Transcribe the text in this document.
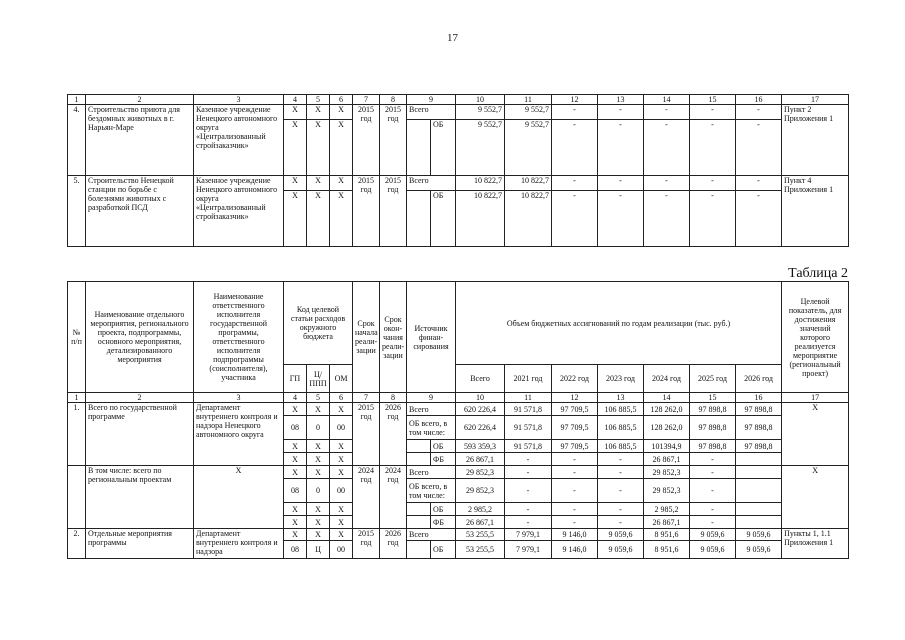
17
1	2	3	4	5	6	7	8	9		10	11	12	13	14	15	16	17
4.	Строительство приюта для бездомных животных в г. Нарьян-Маре	Казенное учреждение Ненецкого автономного округа «Централизованный стройзаказчик»	Х	Х	Х	2015 год	2015 год	Всего		9 552,7	9 552,7	-	-	-	-	-	Пункт 2 Приложения 1
			Х	Х	Х				ОБ	9 552,7	9 552,7	-	-	-	-	-	
5.	Строительство Ненецкой станции по борьбе с болезнями животных с разработкой ПСД	Казенное учреждение Ненецкого автономного округа «Централизованный стройзаказчик»	Х	Х	Х	2015 год	2015 год	Всего		10 822,7	10 822,7	-	-	-	-	-	Пункт 4 Приложения 1
			Х	Х	Х				ОБ	10 822,7	10 822,7	-	-	-	-	-	
Таблица 2
№ п/п	Наименование отдельного мероприятия, регионального проекта, подпрограммы, основного мероприятия, детализированного мероприятия	Наименование ответственного исполнителя государственной программы, ответственного исполнителя подпрограммы (соисполнителя), участника	Код целевой статьи расходов окружного бюджета			Срок начала реали-зации	Срок окон-чания реали-зации	Источник финан-сирования		Объем бюджетных ассигнований по годам реализации (тыс. руб.)							Целевой показатель, для достижения значений которого реализуется мероприятие (региональный проект)
			ГП	Ц/ППП	ОМ					Всего	2021 год	2022 год	2023 год	2024 год	2025 год	2026 год	
1	2	3	4	5	6	7	8	9		10	11	12	13	14	15	16	17
1.	Всего по государственной программе	Департамент внутреннего контроля и надзора Ненецкого автономного округа	Х	Х	Х	2015 год	2026 год	Всего		620 226,4	91 571,8	97 709,5	106 885,5	128 262,0	97 898,8	97 898,8	Х
			08	0	00			ОБ всего, в том числе:		620 226,4	91 571,8	97 709,5	106 885,5	128 262,0	97 898,8	97 898,8	
			Х	Х	Х				ОБ	593 359,3	91 571,8	97 709,5	106 885,5	101394,9	97 898,8	97 898,8	
			Х	Х	Х				ФБ	26 867,1	-	-	-	26 867,1	-		
	В том числе: всего по региональным проектам	Х	Х	Х	Х	2024 год	2024 год	Всего		29 852,3	-	-	-	29 852,3	-		Х
			08	0	00			ОБ всего, в том числе:		29 852,3	-	-	-	29 852,3	-		
			Х	Х	Х				ОБ	2 985,2	-	-	-	2 985,2	-		
			Х	Х	Х				ФБ	26 867,1	-	-	-	26 867,1	-		
2.	Отдельные мероприятия программы	Департамент внутреннего контроля и надзора	Х	Х	Х	2015 год	2026 год	Всего		53 255,5	7 979,1	9 146,0	9 059,6	8 951,6	9 059,6	9 059,6	Пункты 1, 1.1 Приложения 1
			08	Ц	00				ОБ	53 255,5	7 979,1	9 146,0	9 059,6	8 951,6	9 059,6	9 059,6	
